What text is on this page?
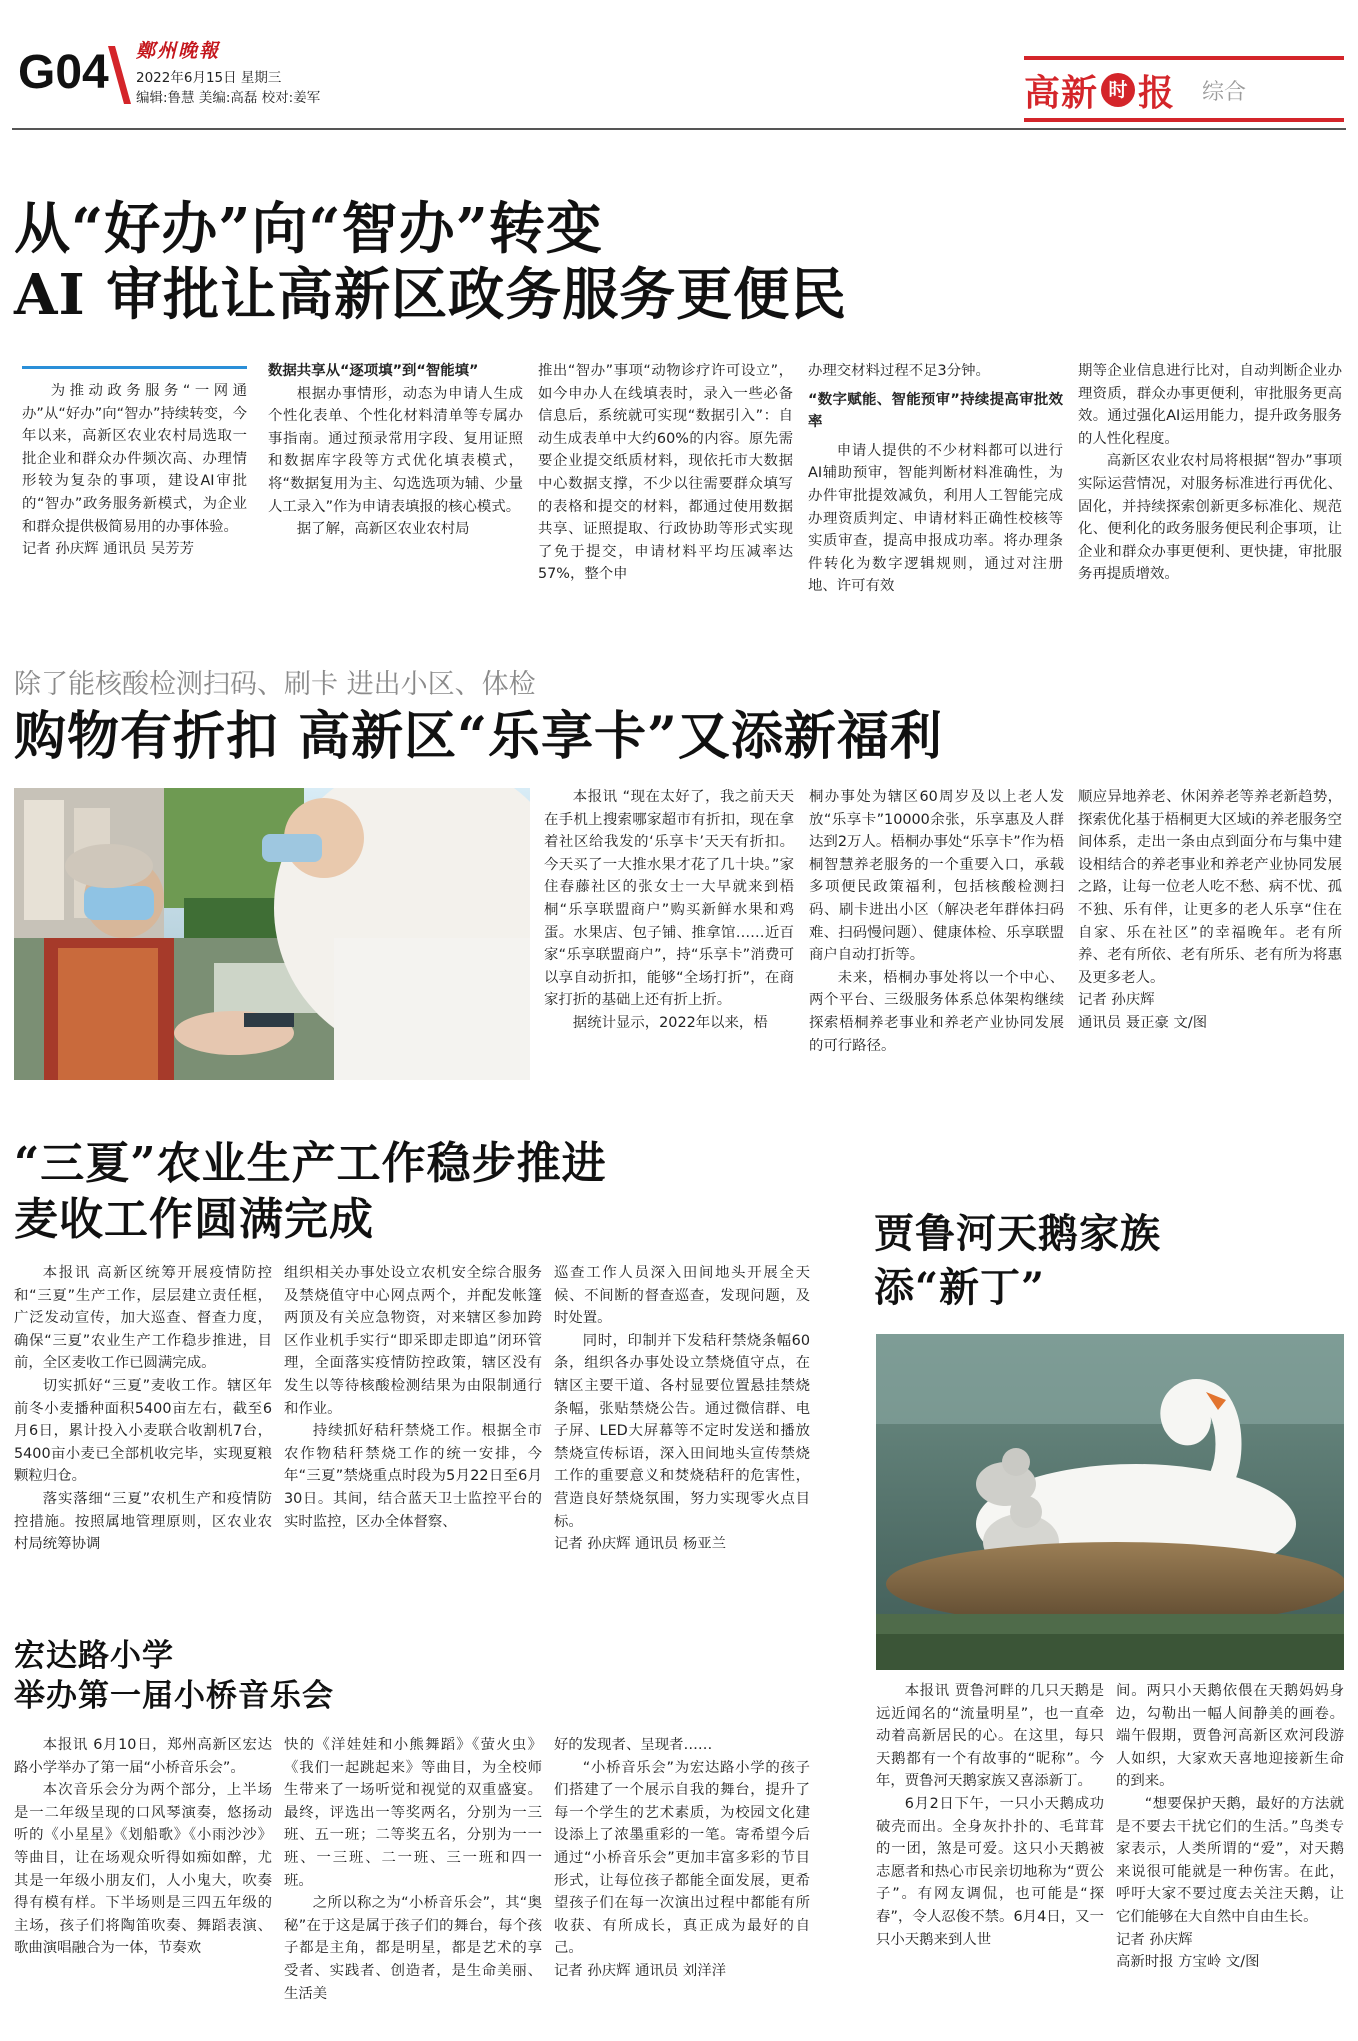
G04 鄭州晚報
2022年6月15日 星期三
编辑:鲁慧 美编:高磊 校对:姜军	高新 时 报 综合
从“好办”向“智办”转变
AI 审批让高新区政务服务更便民
为推动政务服务“一网通办”从“好办”向“智办”持续转变，今年以来，高新区农业农村局选取一批企业和群众办件频次高、办理情形较为复杂的事项，建设AI审批的“智办”政务服务新模式，为企业和群众提供极简易用的办事体验。
记者 孙庆辉 通讯员 吴芳芳
数据共享从“逐项填”到“智能填”
根据办事情形，动态为申请人生成个性化表单、个性化材料清单等专属办事指南。通过预录常用字段、复用证照和数据库字段等方式优化填表模式，将“数据复用为主、勾选选项为辅、少量人工录入”作为申请表填报的核心模式。
据了解，高新区农业农村局
推出“智办”事项“动物诊疗许可设立”，如今申办人在线填表时，录入一些必备信息后，系统就可实现“数据引入”：自动生成表单中大约60%的内容。原先需要企业提交纸质材料，现依托市大数据中心数据支撑，不少以往需要群众填写的表格和提交的材料，都通过使用数据共享、证照提取、行政协助等形式实现了免于提交，申请材料平均压减率达57%，整个申
办理交材料过程不足3分钟。
“数字赋能、智能预审”持续提高审批效率
申请人提供的不少材料都可以进行AI辅助预审，智能判断材料准确性，为办件审批提效减负，利用人工智能完成办理资质判定、申请材料正确性校核等实质审查，提高申报成功率。将办理条件转化为数字逻辑规则，通过对注册地、许可有效
期等企业信息进行比对，自动判断企业办理资质，群众办事更便利，审批服务更高效。通过强化AI运用能力，提升政务服务的人性化程度。
高新区农业农村局将根据“智办”事项实际运营情况，对服务标准进行再优化、固化，并持续探索创新更多标准化、规范化、便利化的政务服务便民利企事项，让企业和群众办事更便利、更快捷，审批服务再提质增效。
除了能核酸检测扫码、刷卡 进出小区、体检
购物有折扣 高新区“乐享卡”又添新福利
本报讯 “现在太好了，我之前天天在手机上搜索哪家超市有折扣，现在拿着社区给我发的‘乐享卡’天天有折扣。今天买了一大推水果才花了几十块。”家住春藤社区的张女士一大早就来到梧桐“乐享联盟商户”购买新鲜水果和鸡蛋。水果店、包子铺、推拿馆……近百家“乐享联盟商户”，持“乐享卡”消费可以享自动折扣，能够“全场打折”，在商家打折的基础上还有折上折。
据统计显示，2022年以来，梧
桐办事处为辖区60周岁及以上老人发放“乐享卡”10000余张，乐享惠及人群达到2万人。梧桐办事处“乐享卡”作为梧桐智慧养老服务的一个重要入口，承载多项便民政策福利，包括核酸检测扫码、刷卡进出小区（解决老年群体扫码难、扫码慢问题）、健康体检、乐享联盟商户自动打折等。
未来，梧桐办事处将以一个中心、两个平台、三级服务体系总体架构继续探索梧桐养老事业和养老产业协同发展的可行路径。
顺应异地养老、休闲养老等养老新趋势，探索优化基于梧桐更大区域i的养老服务空间体系，走出一条由点到面分布与集中建设相结合的养老事业和养老产业协同发展之路，让每一位老人吃不愁、病不忧、孤不独、乐有伴，让更多的老人乐享“住在自家、乐在社区”的幸福晚年。老有所养、老有所依、老有所乐、老有所为将惠及更多老人。
记者 孙庆辉
通讯员 聂正豪 文/图
“三夏”农业生产工作稳步推进
麦收工作圆满完成
本报讯 高新区统筹开展疫情防控和“三夏”生产工作，层层建立责任框，广泛发动宣传，加大巡查、督查力度，确保“三夏”农业生产工作稳步推进，目前，全区麦收工作已圆满完成。
切实抓好“三夏”麦收工作。辖区年前冬小麦播种面积5400亩左右，截至6月6日，累计投入小麦联合收割机7台，5400亩小麦已全部机收完毕，实现夏粮颗粒归仓。
落实落细“三夏”农机生产和疫情防控措施。按照属地管理原则，区农业农村局统筹协调
组织相关办事处设立农机安全综合服务及禁烧值守中心网点两个，并配发帐篷两顶及有关应急物资，对来辖区参加跨区作业机手实行“即采即走即追”闭环管理，全面落实疫情防控政策，辖区没有发生以等待核酸检测结果为由限制通行和作业。
持续抓好秸秆禁烧工作。根据全市农作物秸秆禁烧工作的统一安排，今年“三夏”禁烧重点时段为5月22日至6月30日。其间，结合蓝天卫士监控平台的实时监控，区办全体督察、
巡查工作人员深入田间地头开展全天候、不间断的督查巡查，发现问题，及时处置。
同时，印制并下发秸秆禁烧条幅60条，组织各办事处设立禁烧值守点，在辖区主要干道、各村显要位置悬挂禁烧条幅，张贴禁烧公告。通过微信群、电子屏、LED大屏幕等不定时发送和播放禁烧宣传标语，深入田间地头宣传禁烧工作的重要意义和焚烧秸秆的危害性，营造良好禁烧氛围，努力实现零火点目标。
记者 孙庆辉 通讯员 杨亚兰
宏达路小学
举办第一届小桥音乐会
本报讯 6月10日，郑州高新区宏达路小学举办了第一届“小桥音乐会”。
本次音乐会分为两个部分，上半场是一二年级呈现的口风琴演奏，悠扬动听的《小星星》《划船歌》《小雨沙沙》等曲目，让在场观众听得如痴如醉，尤其是一年级小朋友们，人小鬼大，吹奏得有模有样。下半场则是三四五年级的主场，孩子们将陶笛吹奏、舞蹈表演、歌曲演唱融合为一体，节奏欢
快的《洋娃娃和小熊舞蹈》《萤火虫》《我们一起跳起来》等曲目，为全校师生带来了一场听觉和视觉的双重盛宴。最终，评选出一等奖两名，分别为一三班、五一班；二等奖五名，分别为一一班、一三班、二一班、三一班和四一班。
之所以称之为“小桥音乐会”，其“奥秘”在于这是属于孩子们的舞台，每个孩子都是主角，都是明星，都是艺术的享受者、实践者、创造者，是生命美丽、生活美
好的发现者、呈现者……
“小桥音乐会”为宏达路小学的孩子们搭建了一个展示自我的舞台，提升了每一个学生的艺术素质，为校园文化建设添上了浓墨重彩的一笔。寄希望今后通过“小桥音乐会”更加丰富多彩的节目形式，让每位孩子都能全面发展，更希望孩子们在每一次演出过程中都能有所收获、有所成长，真正成为最好的自己。
记者 孙庆辉 通讯员 刘洋洋
贾鲁河天鹅家族
添“新丁”
本报讯 贾鲁河畔的几只天鹅是远近闻名的“流量明星”，也一直牵动着高新居民的心。在这里，每只天鹅都有一个有故事的“昵称”。今年，贾鲁河天鹅家族又喜添新丁。
6月2日下午，一只小天鹅成功破壳而出。全身灰扑扑的、毛茸茸的一团，煞是可爱。这只小天鹅被志愿者和热心市民亲切地称为“贾公子”。有网友调侃，也可能是“探春”，令人忍俊不禁。6月4日，又一只小天鹅来到人世
间。两只小天鹅依偎在天鹅妈妈身边，勾勒出一幅人间静美的画卷。端午假期，贾鲁河高新区欢河段游人如织，大家欢天喜地迎接新生命的到来。
“想要保护天鹅，最好的方法就是不要去干扰它们的生活。”鸟类专家表示，人类所谓的“爱”，对天鹅来说很可能就是一种伤害。在此，呼吁大家不要过度去关注天鹅，让它们能够在大自然中自由生长。
记者 孙庆辉
高新时报 方宝岭 文/图
